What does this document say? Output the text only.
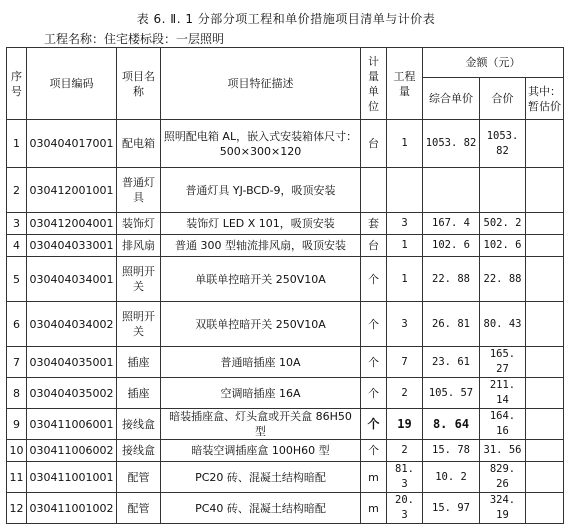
表 6. Ⅱ. 1 分部分项工程和单价措施项目清单与计价表
工程名称：住宅楼标段：一层照明
序号	项目编码	项目名称	项目特征描述	计量单位	工程量	金额（元）		
						综合单价	合价	其中：暂估价
1	030404017001	配电箱	照明配电箱 AL，嵌入式安装箱体尺寸：500×300×120	台	1	1053. 82	1053. 82	
2	030412001001	普通灯具	普通灯具 YJ-BCD-9，吸顶安装					
3	030412004001	装饰灯	装饰灯 LED X 101，吸顶安装	套	3	167. 4	502. 2	
4	030404033001	排风扇	普通 300 型轴流排风扇，吸顶安装	台	1	102. 6	102. 6	
5	030404034001	照明开关	单联单控暗开关 250V10A	个	1	22. 88	22. 88	
6	030404034002	照明开关	双联单控暗开关 250V10A	个	3	26. 81	80. 43	
7	030404035001	插座	普通暗插座 10A	个	7	23. 61	165. 27	
8	030404035002	插座	空调暗插座 16A	个	2	105. 57	211. 14	
9	030411006001	接线盒	暗装插座盒、灯头盒或开关盒 86H50 型	个	19	8. 64	164. 16	
10	030411006002	接线盒	暗装空调插座盒 100H60 型	个	2	15. 78	31. 56	
11	030411001001	配管	PC20 砖、混凝土结构暗配	m	81. 3	10. 2	829. 26	
12	030411001002	配管	PC40 砖、混凝土结构暗配	m	20. 3	15. 97	324. 19	
